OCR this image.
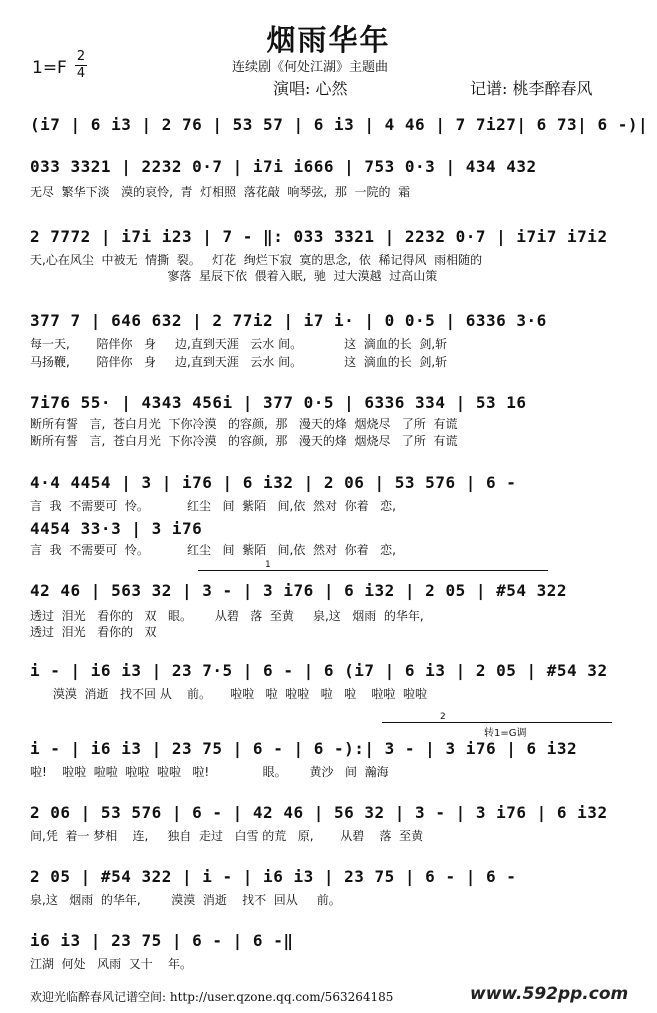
烟雨华年
1=F
2
4	连续剧《何处江湖》主题曲
演唱: 心然	记谱: 桃李醉春风
(i7 | 6 i3 | 2 76 | 53 57 | 6 i3 | 4 46 | 7 7i27| 6 73| 6 -)|
033 3321 | 2232 0·7 | i7i i666 | 753 0·3 | 434 432
无尽  繁华下淡   漠的哀怜,  青  灯相照  落花敲  响琴弦,  那  一院的  霜
2 7772 | i7i i23 | 7 - ‖: 033 3321 | 2232 0·7 | i7i7 i7i2
天,心在风尘  中被无  情撕  裂。   灯花  绚烂下寂  寞的思念,  依  稀记得风  雨相随的
寥落  星辰下依  偎着入眠,  驰  过大漠越  过高山策
377 7 | 646 632 | 2 77i2 | i7 i· | 0 0·5 | 6336 3·6
每一天,       陪伴你   身     边,直到天涯   云水 间。           这  滴血的长  剑,斩
马扬鞭,       陪伴你   身     边,直到天涯   云水 间。           这  滴血的长  剑,斩
7i76 55· | 4343 456i | 377 0·5 | 6336 334 | 53 16
断所有誓   言,  苍白月光  下你冷漠   的容颜,  那   漫天的烽  烟烧尽   了所  有谎
断所有誓   言,  苍白月光  下你冷漠   的容颜,  那   漫天的烽  烟烧尽   了所  有谎
4·4 4454 | 3 | i76 | 6 i32 | 2 06 | 53 576 | 6 -
言  我  不需要可  怜。          红尘   间  紫陌   间,依  然对  你着   恋,
4454 33·3 | 3 i76
言  我  不需要可  怜。          红尘   间  紫陌   间,依  然对  你着   恋,
1
42 46 | 563 32 | 3 - | 3 i76 | 6 i32 | 2 05 | #54 322
透过  泪光   看你的   双   眼。      从碧   落  至黄     泉,这   烟雨  的华年,
透过  泪光   看你的   双
i - | i6 i3 | 23 7·5 | 6 - | 6 (i7 | 6 i3 | 2 05 | #54 32
漠漠  消逝   找不回 从    前。     啦啦   啦  啦啦   啦   啦    啦啦  啦啦
2
转1=G调
i - | i6 i3 | 23 75 | 6 - | 6 -):| 3 - | 3 i76 | 6 i32
啦!    啦啦  啦啦  啦啦  啦啦   啦!              眼。      黄沙   间  瀚海
2 06 | 53 576 | 6 - | 42 46 | 56 32 | 3 - | 3 i76 | 6 i32
间,凭  着一 梦相    连,     独自  走过   白雪 的荒   原,       从碧    落  至黄
2 05 | #54 322 | i - | i6 i3 | 23 75 | 6 - | 6 -
泉,这   烟雨  的华年,        漠漠  消逝    找不  回从     前。
i6 i3 | 23 75 | 6 - | 6 -‖
江湖  何处   风雨  又十    年。
欢迎光临醉春风记谱空间: http://user.qzone.qq.com/563264185	www.592pp.com
